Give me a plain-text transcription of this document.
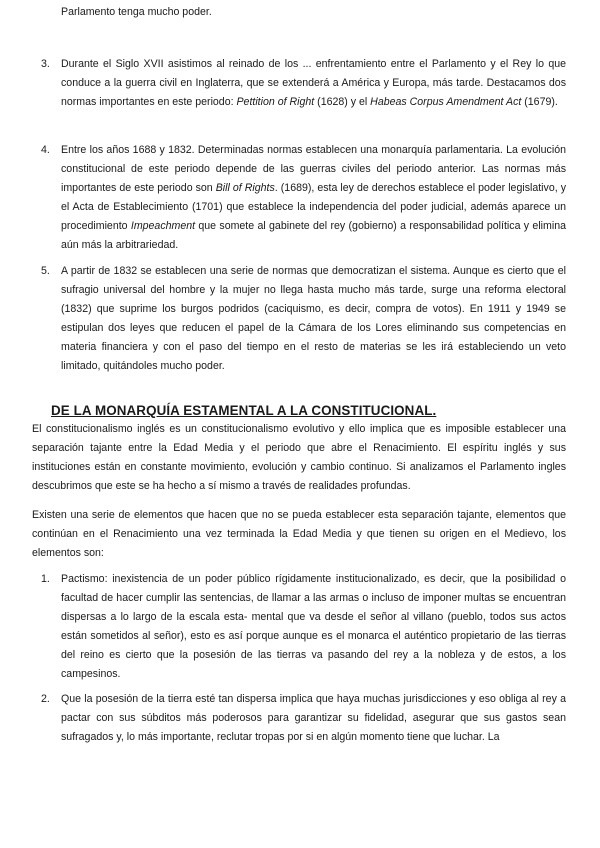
Parlamento tenga mucho poder.

3. Durante el Siglo XVII asistimos al reinado de los ... enfrentamiento entre el Parlamento y el Rey lo que conduce a la guerra civil en Inglaterra, que se extenderá a América y Europa, más tarde. Destacamos dos normas importantes en este periodo: Pettition of Right (1628) y el Habeas Corpus Amendment Act (1679).

4. Entre los años 1688 y 1832. Determinadas normas establecen una monarquía parlamentaria. La evolución constitucional de este periodo depende de las guerras civiles del periodo anterior. Las normas más importantes de este periodo son Bill of Rights. (1689), esta ley de derechos establece el poder legislativo, y el Acta de Establecimiento (1701) que establece la independencia del poder judicial, además aparece un procedimiento Impeachment que somete al gabinete del rey (gobierno) a responsabilidad política y elimina aún más la arbitrariedad.

5. A partir de 1832 se establecen una serie de normas que democratizan el sistema. Aunque es cierto que el sufragio universal del hombre y la mujer no llega hasta mucho más tarde, surge una reforma electoral (1832) que suprime los burgos podridos (caciquismo, es decir, compra de votos). En 1911 y 1949 se estipulan dos leyes que reducen el papel de la Cámara de los Lores eliminando sus competencias en materia financiera y con el paso del tiempo en el resto de materias se les irá estableciendo un veto limitado, quitándoles mucho poder.

DE LA MONARQUÍA ESTAMENTAL A LA CONSTITUCIONAL.

El constitucionalismo inglés es un constitucionalismo evolutivo y ello implica que es imposible establecer una separación tajante entre la Edad Media y el periodo que abre el Renacimiento. El espíritu inglés y sus instituciones están en constante movimiento, evolución y cambio continuo. Si analizamos el Parlamento ingles descubrimos que este se ha hecho a sí mismo a través de realidades profundas.

Existen una serie de elementos que hacen que no se pueda establecer esta separación tajante, elementos que continúan en el Renacimiento una vez terminada la Edad Media y que tienen su origen en el Medievo, los elementos son:

1. Pactismo: inexistencia de un poder público rígidamente institucionalizado, es decir, que la posibilidad o facultad de hacer cumplir las sentencias, de llamar a las armas o incluso de imponer multas se encuentran dispersas a lo largo de la escala esta- mental que va desde el señor al villano (pueblo, todos sus actos están sometidos al señor), esto es así porque aunque es el monarca el auténtico propietario de las tierras del reino es cierto que la posesión de las tierras va pasando del rey a la nobleza y de estos, a los campesinos.

2. Que la posesión de la tierra esté tan dispersa implica que haya muchas jurisdicciones y eso obliga al rey a pactar con sus súbditos más poderosos para garantizar su fidelidad, asegurar que sus gastos sean sufragados y, lo más importante, reclutar tropas por si en algún momento tiene que luchar. La
